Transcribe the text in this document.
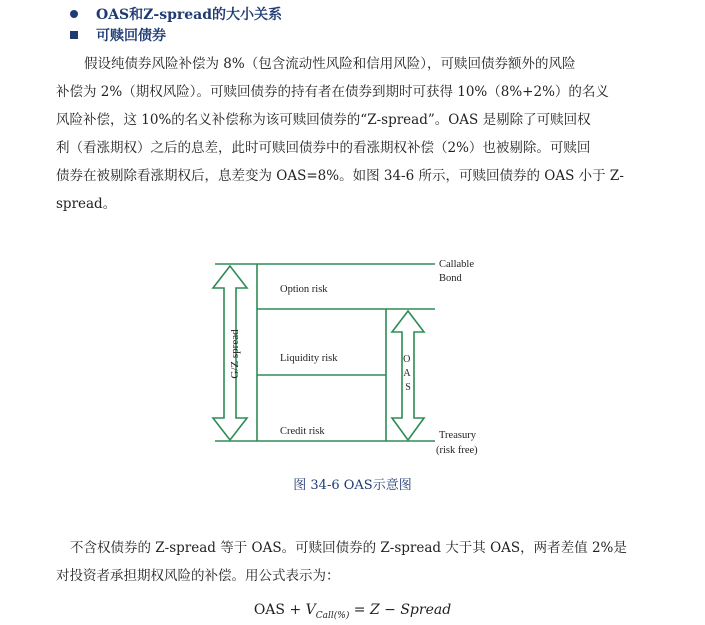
OAS和Z-spread的大小关系
可赎回债券
假设纯债券风险补偿为 8%（包含流动性风险和信用风险），可赎回债券额外的风险
补偿为 2%（期权风险）。可赎回债券的持有者在债券到期时可获得 10%（8%+2%）的名义
风险补偿，这 10%的名义补偿称为该可赎回债券的“Z-spread”。OAS 是剔除了可赎回权
利（看涨期权）之后的息差，此时可赎回债券中的看涨期权补偿（2%）也被剔除。可赎回
债券在被剔除看涨期权后，息差变为 OAS=8%。如图 34-6 所示，可赎回债券的 OAS 小于 Z-
spread。
G/Z spread	O A S
Option risk
Liquidity risk
Credit risk
Callable
Bond
Treasury
(risk free)
图 34-6 OAS示意图
不含权债券的 Z-spread 等于 OAS。可赎回债券的 Z-spread 大于其 OAS，两者差值 2%是
对投资者承担期权风险的补偿。用公式表示为：
OAS + $V_{Call(\%)} = Z$ − Spread
